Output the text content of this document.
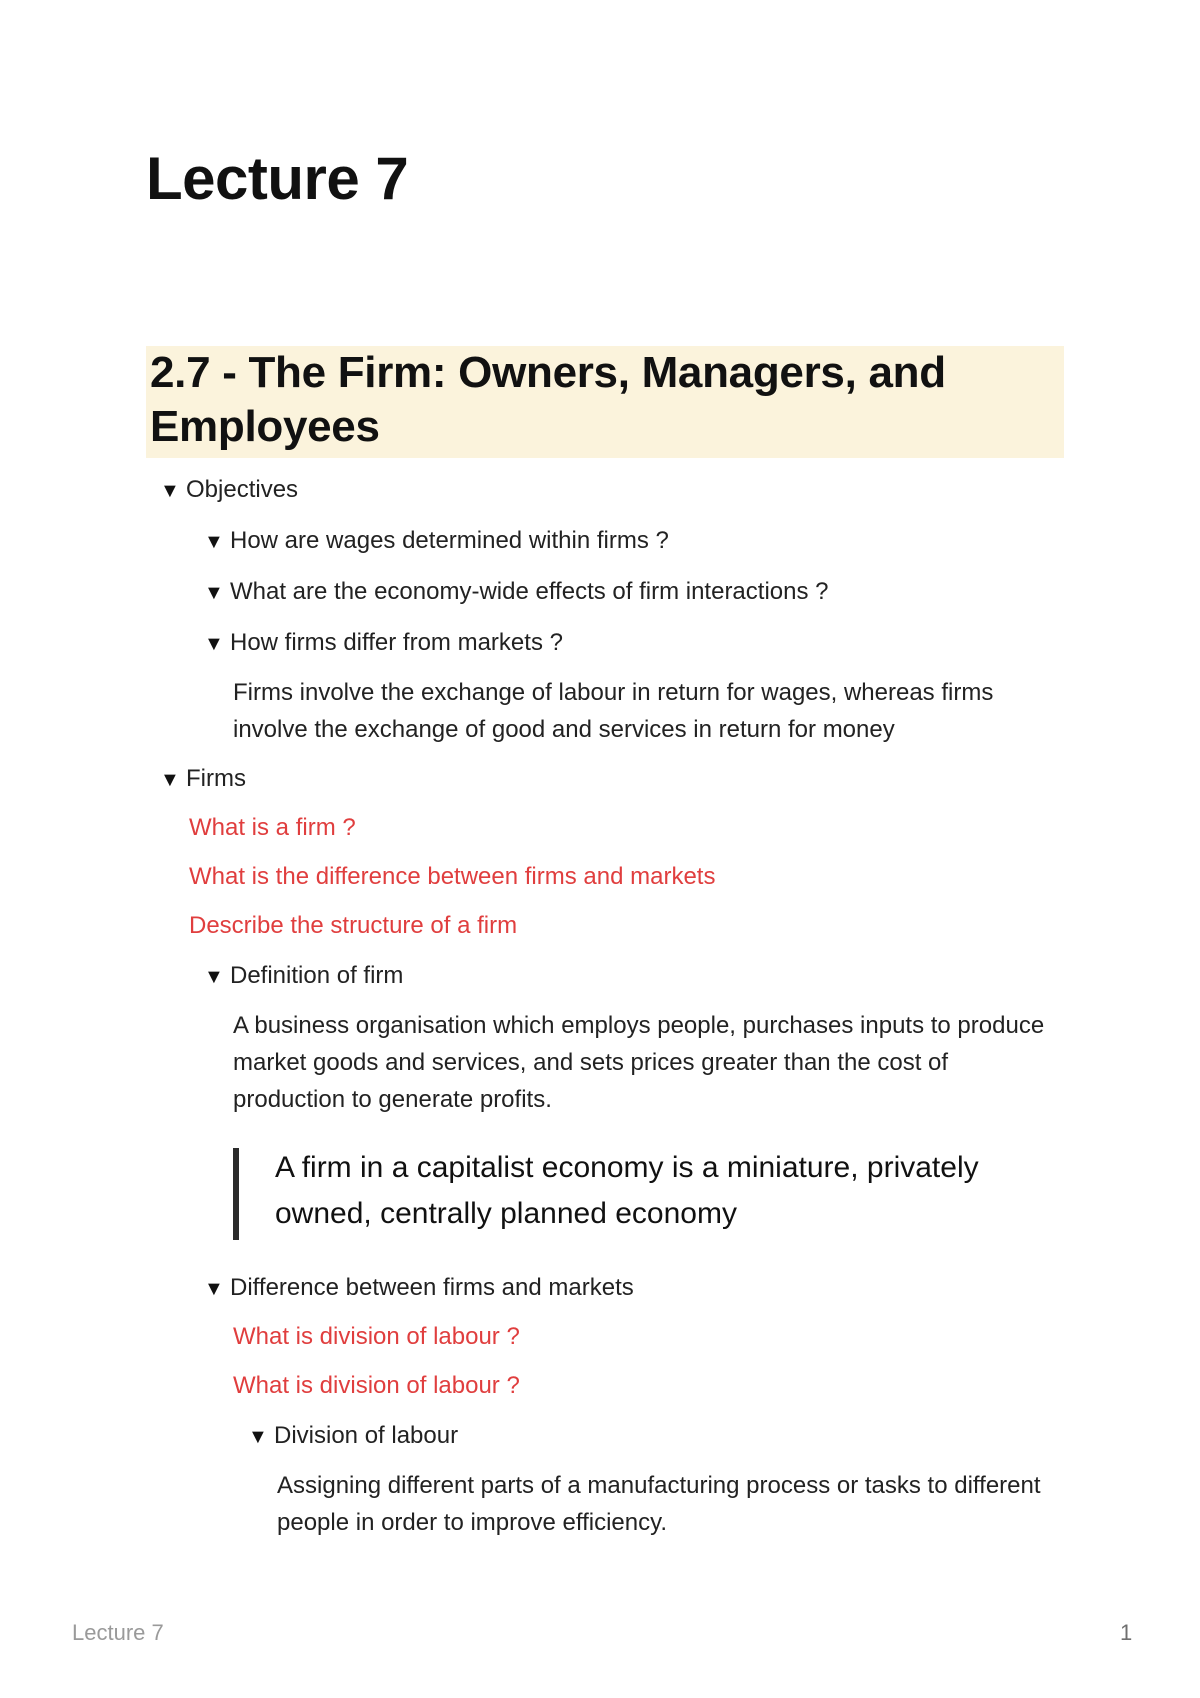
Lecture 7
2.7 - The Firm: Owners, Managers, and Employees
▼ Objectives
▼ How are wages determined within firms ?
▼ What are the economy-wide effects of firm interactions ?
▼ How firms differ from markets ?
Firms involve the exchange of labour in return for wages, whereas firms involve the exchange of good and services in return for money
▼ Firms
What is a firm ?
What is the difference between firms and markets
Describe the structure of a firm
▼ Definition of firm
A business organisation which employs people, purchases inputs to produce market goods and services, and sets prices greater than the cost of production to generate profits.
A firm in a capitalist economy is a miniature, privately owned, centrally planned economy
▼ Difference between firms and markets
What is division of labour ?
What is division of labour ?
▼ Division of labour
Assigning different parts of a manufacturing process or tasks to different people in order to improve efficiency.
Lecture 7	1
